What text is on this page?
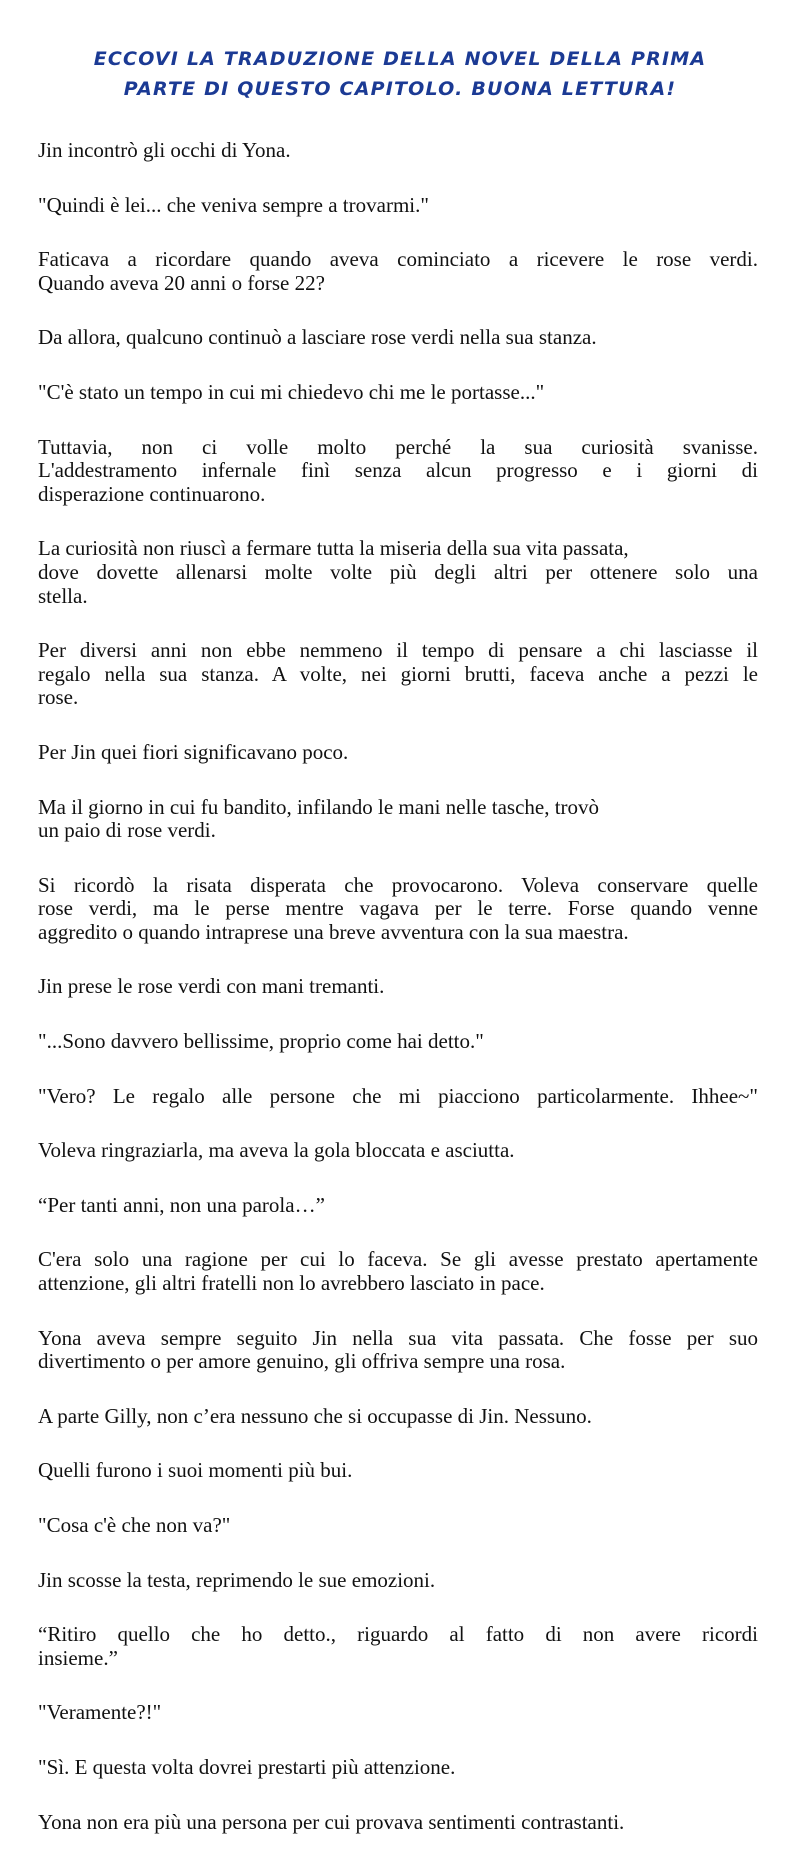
ECCOVI LA TRADUZIONE DELLA NOVEL DELLA PRIMA
PARTE DI QUESTO CAPITOLO. BUONA LETTURA!

Jin incontrò gli occhi di Yona.

"Quindi è lei... che veniva sempre a trovarmi."

Faticava a ricordare quando aveva cominciato a ricevere le rose verdi.
Quando aveva 20 anni o forse 22?

Da allora, qualcuno continuò a lasciare rose verdi nella sua stanza.

"C'è stato un tempo in cui mi chiedevo chi me le portasse..."

Tuttavia, non ci volle molto perché la sua curiosità svanisse.
L'addestramento infernale finì senza alcun progresso e i giorni di
disperazione continuarono.

La curiosità non riuscì a fermare tutta la miseria della sua vita passata,
dove dovette allenarsi molte volte più degli altri per ottenere solo una
stella.

Per diversi anni non ebbe nemmeno il tempo di pensare a chi lasciasse il
regalo nella sua stanza. A volte, nei giorni brutti, faceva anche a pezzi le
rose.

Per Jin quei fiori significavano poco.

Ma il giorno in cui fu bandito, infilando le mani nelle tasche, trovò
un paio di rose verdi.

Si ricordò la risata disperata che provocarono. Voleva conservare quelle
rose verdi, ma le perse mentre vagava per le terre. Forse quando venne
aggredito o quando intraprese una breve avventura con la sua maestra.

Jin prese le rose verdi con mani tremanti.

"...Sono davvero bellissime, proprio come hai detto."

"Vero? Le regalo alle persone che mi piacciono particolarmente. Ihhee~"

Voleva ringraziarla, ma aveva la gola bloccata e asciutta.

“Per tanti anni, non una parola…”

C'era solo una ragione per cui lo faceva. Se gli avesse prestato apertamente
attenzione, gli altri fratelli non lo avrebbero lasciato in pace.

Yona aveva sempre seguito Jin nella sua vita passata. Che fosse per suo
divertimento o per amore genuino, gli offriva sempre una rosa.

A parte Gilly, non c’era nessuno che si occupasse di Jin. Nessuno.

Quelli furono i suoi momenti più bui.

"Cosa c'è che non va?"

Jin scosse la testa, reprimendo le sue emozioni.

“Ritiro quello che ho detto., riguardo al fatto di non avere ricordi
insieme.”

"Veramente?!"

"Sì. E questa volta dovrei prestarti più attenzione.

Yona non era più una persona per cui provava sentimenti contrastanti.
